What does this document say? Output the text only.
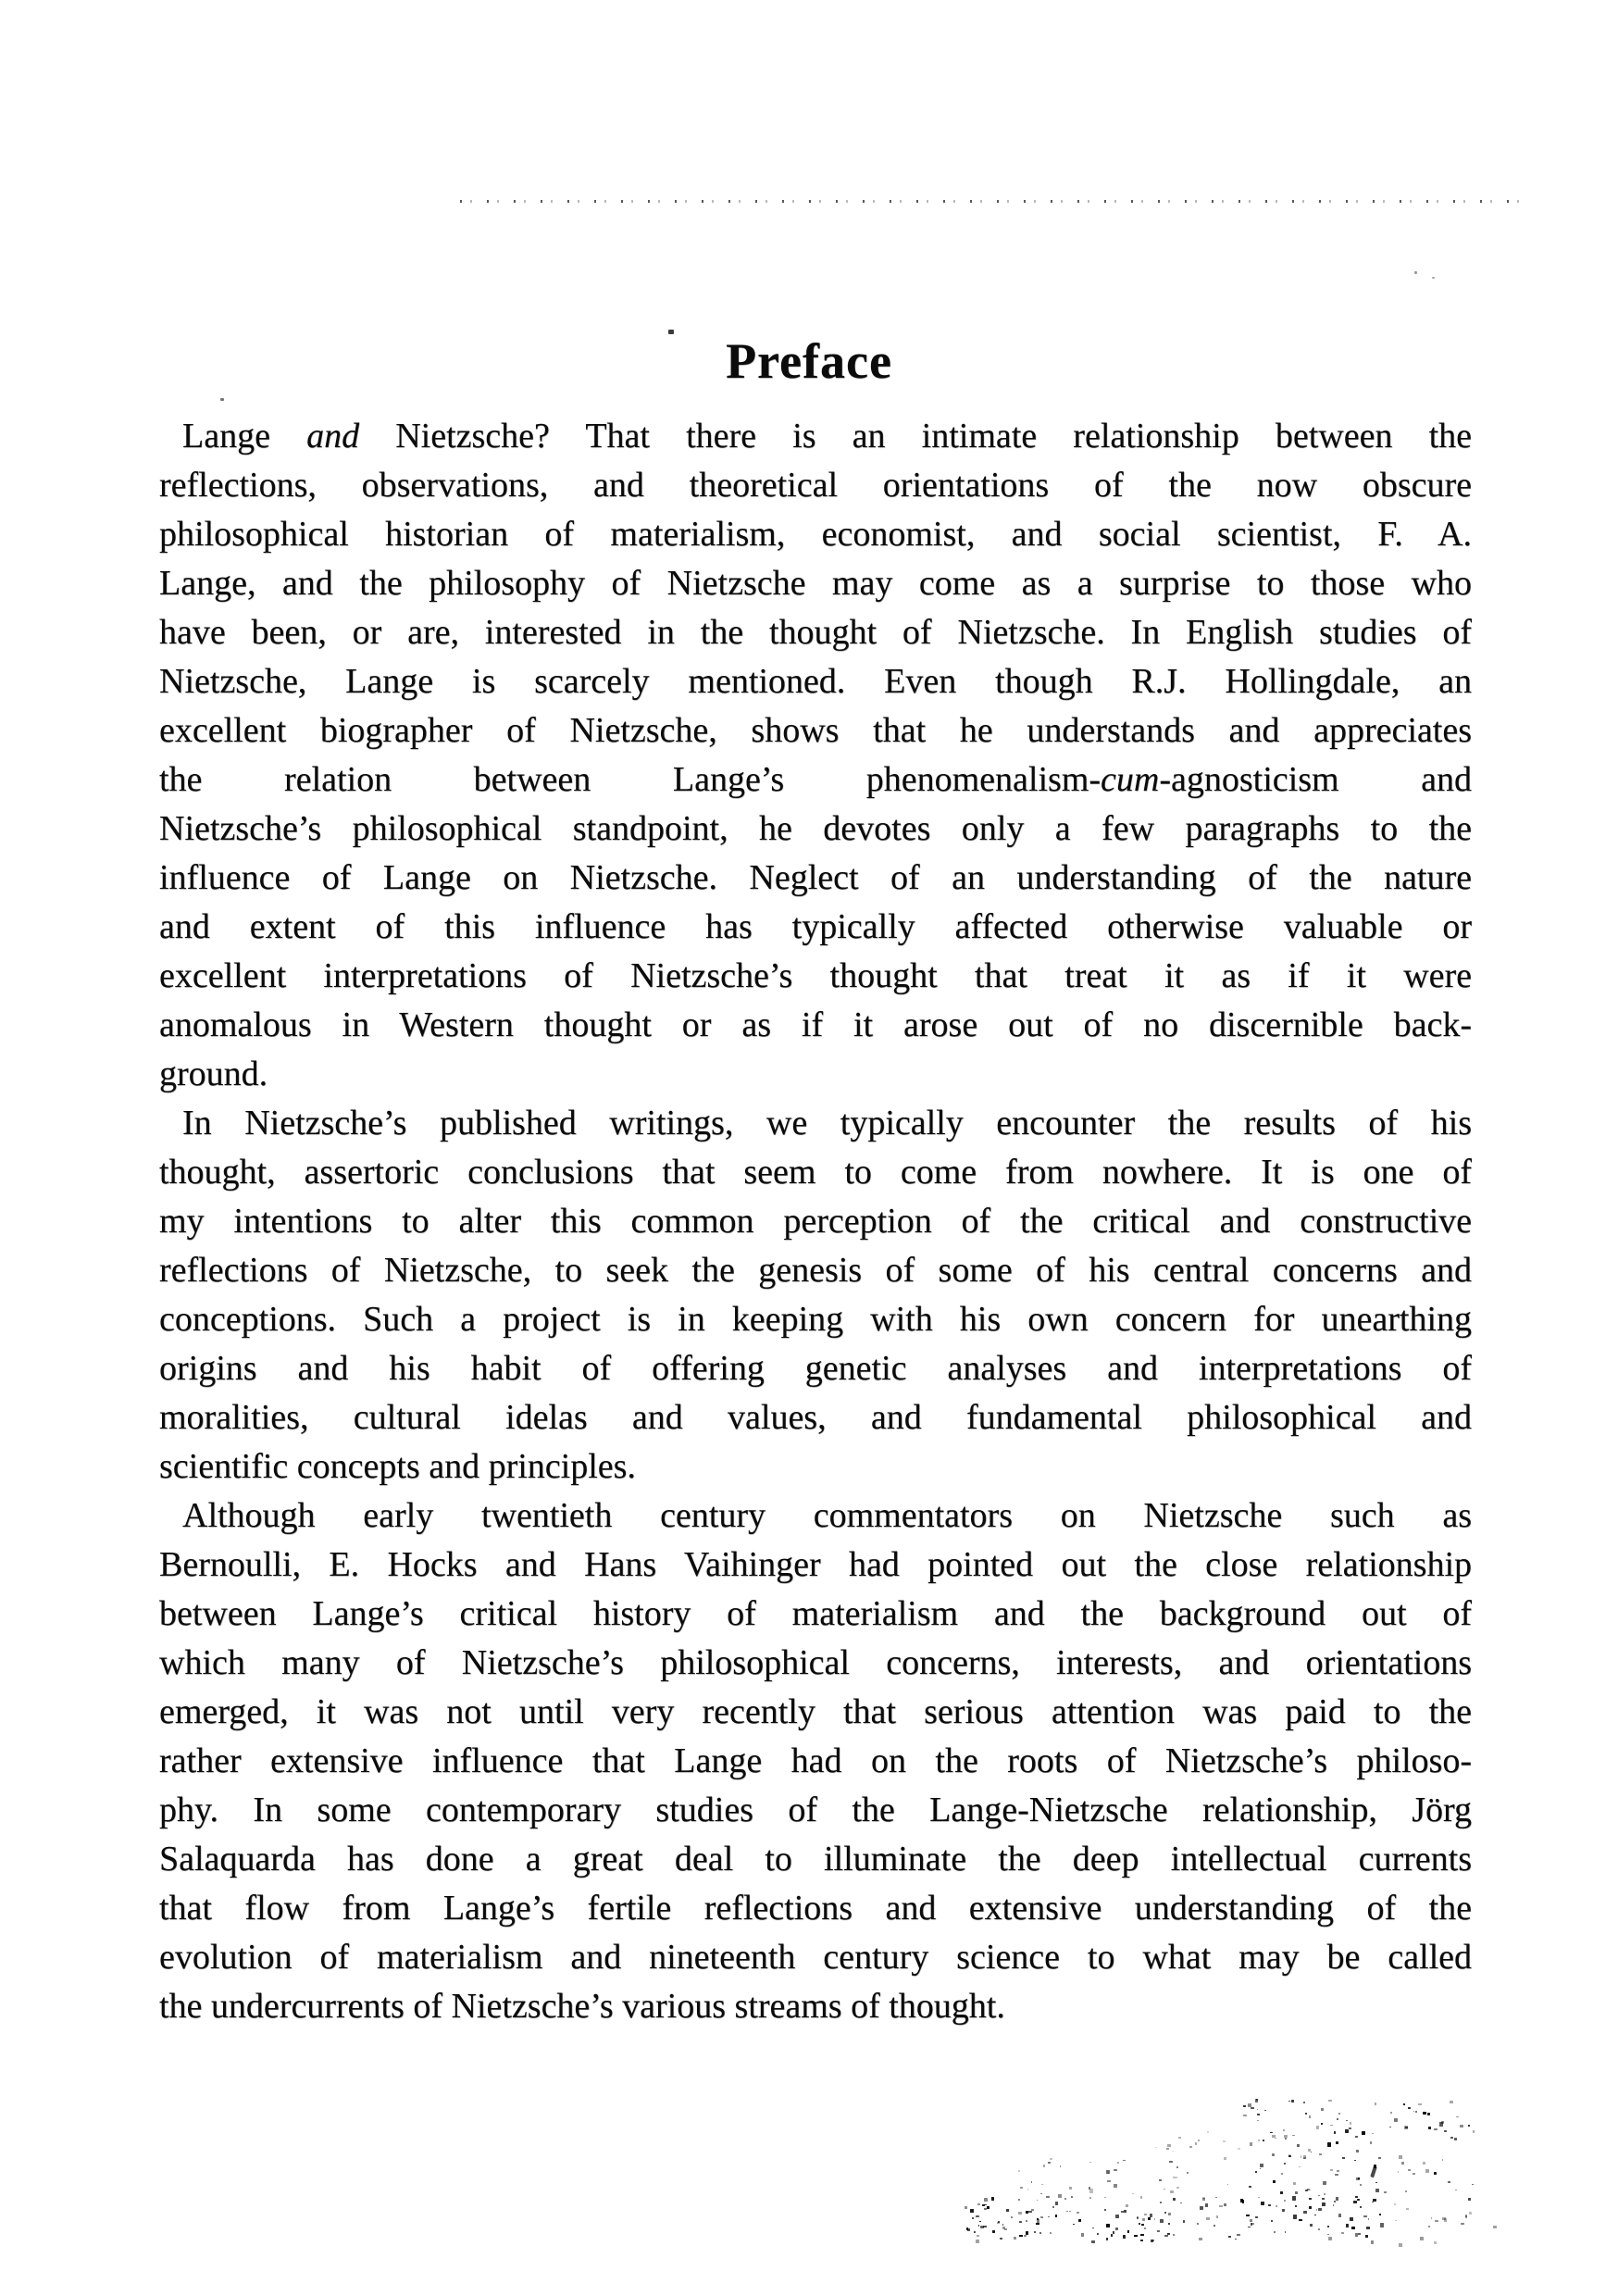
Preface
Lange and Nietzsche? That there is an intimate relationship between the
reflections, observations, and theoretical orientations of the now obscure
philosophical historian of materialism, economist, and social scientist, F. A.
Lange, and the philosophy of Nietzsche may come as a surprise to those who
have been, or are, interested in the thought of Nietzsche. In English studies of
Nietzsche, Lange is scarcely mentioned. Even though R.J. Hollingdale, an
excellent biographer of Nietzsche, shows that he understands and appreciates
the relation between Lange’s phenomenalism-cum-agnosticism and
Nietzsche’s philosophical standpoint, he devotes only a few paragraphs to the
influence of Lange on Nietzsche. Neglect of an understanding of the nature
and extent of this influence has typically affected otherwise valuable or
excellent interpretations of Nietzsche’s thought that treat it as if it were
anomalous in Western thought or as if it arose out of no discernible back-
ground.
In Nietzsche’s published writings, we typically encounter the results of his
thought, assertoric conclusions that seem to come from nowhere. It is one of
my intentions to alter this common perception of the critical and constructive
reflections of Nietzsche, to seek the genesis of some of his central concerns and
conceptions. Such a project is in keeping with his own concern for unearthing
origins and his habit of offering genetic analyses and interpretations of
moralities, cultural idelas and values, and fundamental philosophical and
scientific concepts and principles.
Although early twentieth century commentators on Nietzsche such as
Bernoulli, E. Hocks and Hans Vaihinger had pointed out the close relationship
between Lange’s critical history of materialism and the background out of
which many of Nietzsche’s philosophical concerns, interests, and orientations
emerged, it was not until very recently that serious attention was paid to the
rather extensive influence that Lange had on the roots of Nietzsche’s philoso-
phy. In some contemporary studies of the Lange-Nietzsche relationship, Jörg
Salaquarda has done a great deal to illuminate the deep intellectual currents
that flow from Lange’s fertile reflections and extensive understanding of the
evolution of materialism and nineteenth century science to what may be called
the undercurrents of Nietzsche’s various streams of thought.
